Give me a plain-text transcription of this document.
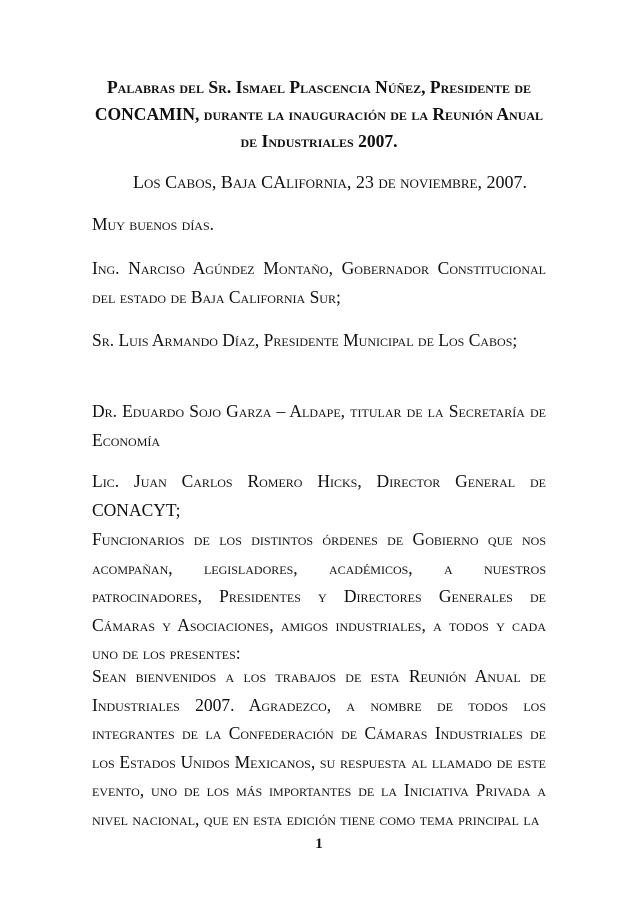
Palabras del Sr. Ismael Plascencia Núñez, Presidente de CONCAMIN, durante la inauguración de la Reunión Anual de Industriales 2007.

Los Cabos, Baja CAlifornia, 23 de noviembre, 2007.

Muy buenos días.

Ing. Narciso Agúndez Montaño, Gobernador Constitucional del estado de Baja California Sur;

Sr. Luis Armando Díaz, Presidente Municipal de Los Cabos;

Dr. Eduardo Sojo Garza – Aldape, titular de la Secretaría de Economía

Lic. Juan Carlos Romero Hicks, Director General de CONACYT;

Funcionarios de los distintos órdenes de Gobierno que nos acompañan, legisladores, académicos, a nuestros patrocinadores, Presidentes y Directores Generales de Cámaras y Asociaciones, amigos industriales, a todos y cada uno de los presentes:

Sean bienvenidos a los trabajos de esta Reunión Anual de Industriales 2007. Agradezco, a nombre de todos los integrantes de la Confederación de Cámaras Industriales de los Estados Unidos Mexicanos, su respuesta al llamado de este evento, uno de los más importantes de la Iniciativa Privada a nivel nacional, que en esta edición tiene como tema principal la

1
